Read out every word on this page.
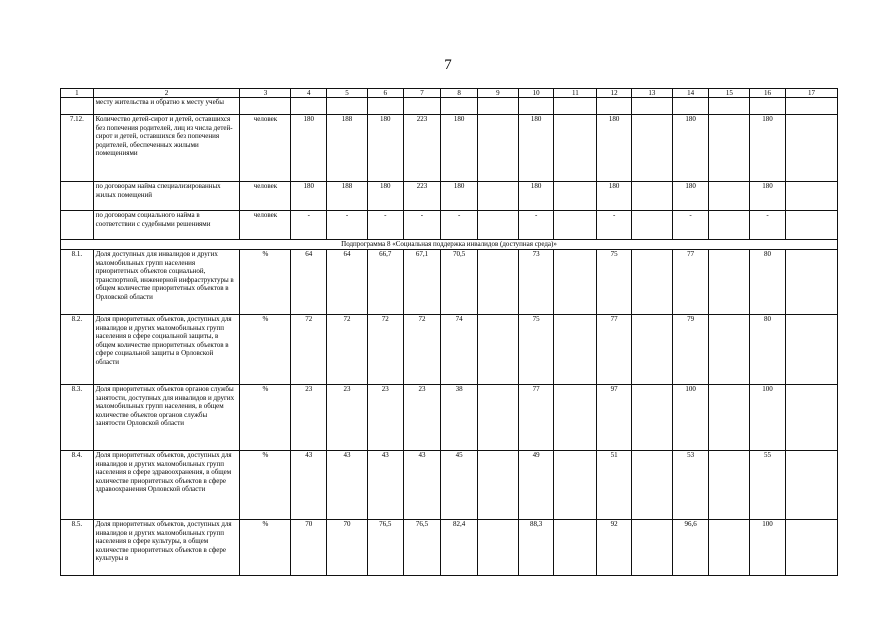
7
1	2	3	4	5	6	7	8	9	10	11	12	13	14	15	16	17
	месту жительства и обратно к месту учебы															
7.12.	Количество детей-сирот и детей, оставшихся без попечения родителей, лиц из числа детей-сирот и детей, оставшихся без попечения родителей, обеспеченных жилыми помещениями	человек	180	188	180	223	180		180		180		180		180	
	по договорам найма специализированных жилых помещений	человек	180	188	180	223	180		180		180		180		180	
	по договорам социального найма в соответствии с судебными решениями	человек	-	-	-	-	-		-		-		-		-	
Подпрограмма 8 «Социальная поддержка инвалидов (доступная среда)»																
8.1.	Доля доступных для инвалидов и других маломобильных групп населения приоритетных объектов социальной, транспортной, инженерной инфраструктуры в общем количестве приоритетных объектов в Орловской области	%	64	64	66,7	67,1	70,5		73		75		77		80	
8.2.	Доля приоритетных объектов, доступных для инвалидов и других маломобильных групп населения в сфере социальной защиты, в общем количестве приоритетных объектов в сфере социальной защиты в Орловской области	%	72	72	72	72	74		75		77		79		80	
8.3.	Доля приоритетных объектов органов службы занятости, доступных для инвалидов и других маломобильных групп населения, в общем количестве объектов органов службы занятости Орловской области	%	23	23	23	23	38		77		97		100		100	
8.4.	Доля приоритетных объектов, доступных для инвалидов и других маломобильных групп населения в сфере здравоохранения, в общем количестве приоритетных объектов в сфере здравоохранения Орловской области	%	43	43	43	43	45		49		51		53		55	
8.5.	Доля приоритетных объектов, доступных для инвалидов и других маломобильных групп населения в сфере культуры, в общем количестве приоритетных объектов в сфере культуры в	%	70	70	76,5	76,5	82,4		88,3		92		96,6		100	
